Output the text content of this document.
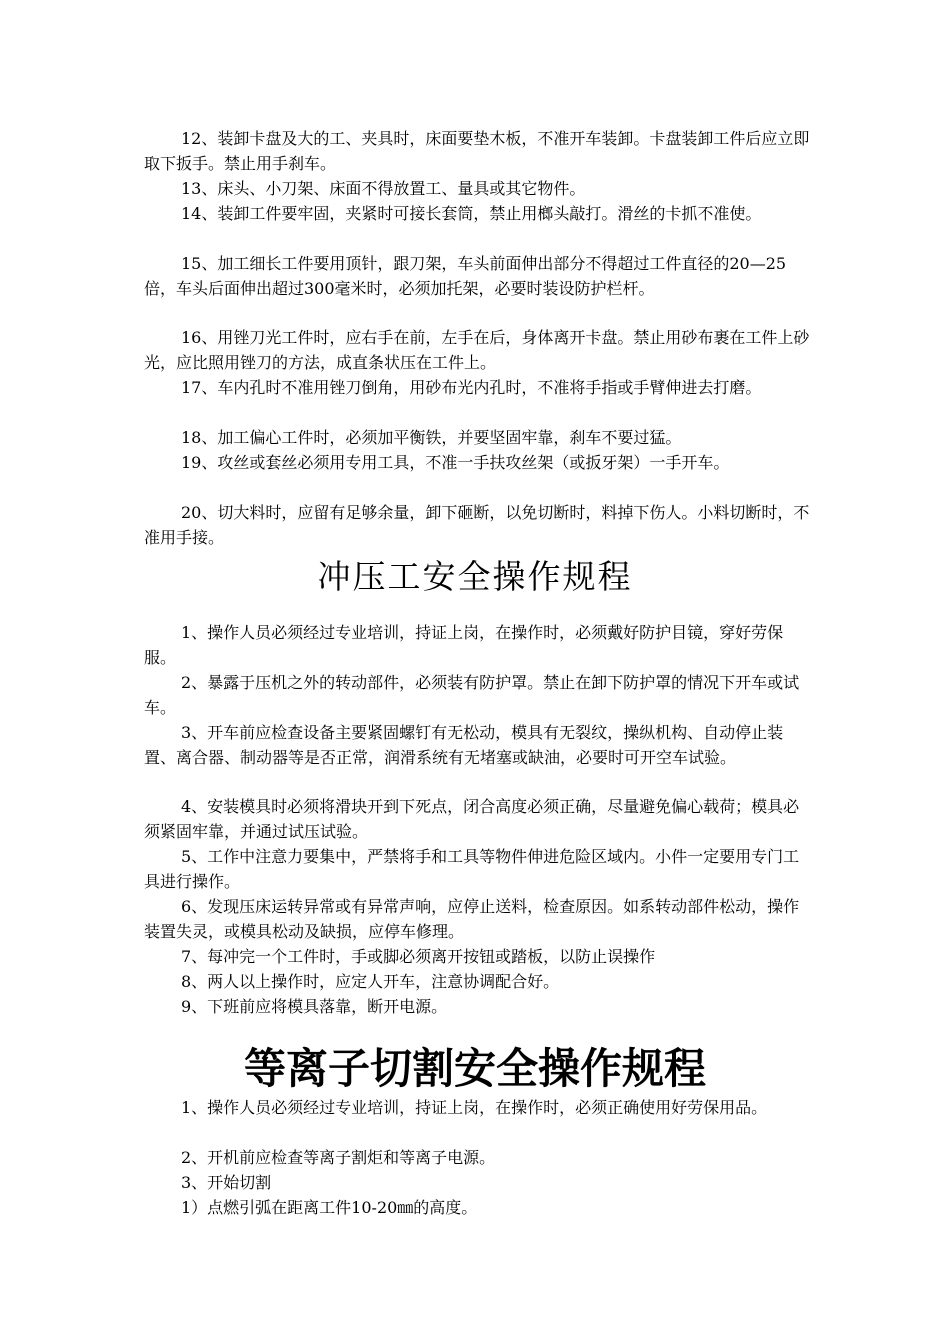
12、装卸卡盘及大的工、夹具时，床面要垫木板，不准开车装卸。卡盘装卸工件后应立即取下扳手。禁止用手刹车。

13、床头、小刀架、床面不得放置工、量具或其它物件。

14、装卸工件要牢固，夹紧时可接长套筒，禁止用榔头敲打。滑丝的卡抓不准使。

15、加工细长工件要用顶针，跟刀架，车头前面伸出部分不得超过工件直径的20—25倍，车头后面伸出超过300毫米时，必须加托架，必要时装设防护栏杆。

16、用锉刀光工件时，应右手在前，左手在后，身体离开卡盘。禁止用砂布裹在工件上砂光，应比照用锉刀的方法，成直条状压在工件上。

17、车内孔时不准用锉刀倒角，用砂布光内孔时，不准将手指或手臂伸进去打磨。

18、加工偏心工件时，必须加平衡铁，并要坚固牢靠，刹车不要过猛。

19、攻丝或套丝必须用专用工具，不准一手扶攻丝架（或扳牙架）一手开车。

20、切大料时，应留有足够余量，卸下砸断，以免切断时，料掉下伤人。小料切断时，不准用手接。

冲压工安全操作规程

1、操作人员必须经过专业培训，持证上岗，在操作时，必须戴好防护目镜，穿好劳保服。

2、暴露于压机之外的转动部件，必须装有防护罩。禁止在卸下防护罩的情况下开车或试车。

3、开车前应检查设备主要紧固螺钉有无松动，模具有无裂纹，操纵机构、自动停止装置、离合器、制动器等是否正常，润滑系统有无堵塞或缺油，必要时可开空车试验。

4、安装模具时必须将滑块开到下死点，闭合高度必须正确，尽量避免偏心载荷；模具必须紧固牢靠，并通过试压试验。

5、工作中注意力要集中，严禁将手和工具等物件伸进危险区域内。小件一定要用专门工具进行操作。

6、发现压床运转异常或有异常声响，应停止送料，检查原因。如系转动部件松动，操作装置失灵，或模具松动及缺损，应停车修理。

7、每冲完一个工件时，手或脚必须离开按钮或踏板，以防止误操作

8、两人以上操作时，应定人开车，注意协调配合好。

9、下班前应将模具落靠，断开电源。

等离子切割安全操作规程

1、操作人员必须经过专业培训，持证上岗，在操作时，必须正确使用好劳保用品。

2、开机前应检查等离子割炬和等离子电源。

3、开始切割

1）点燃引弧在距离工件10-20㎜的高度。
